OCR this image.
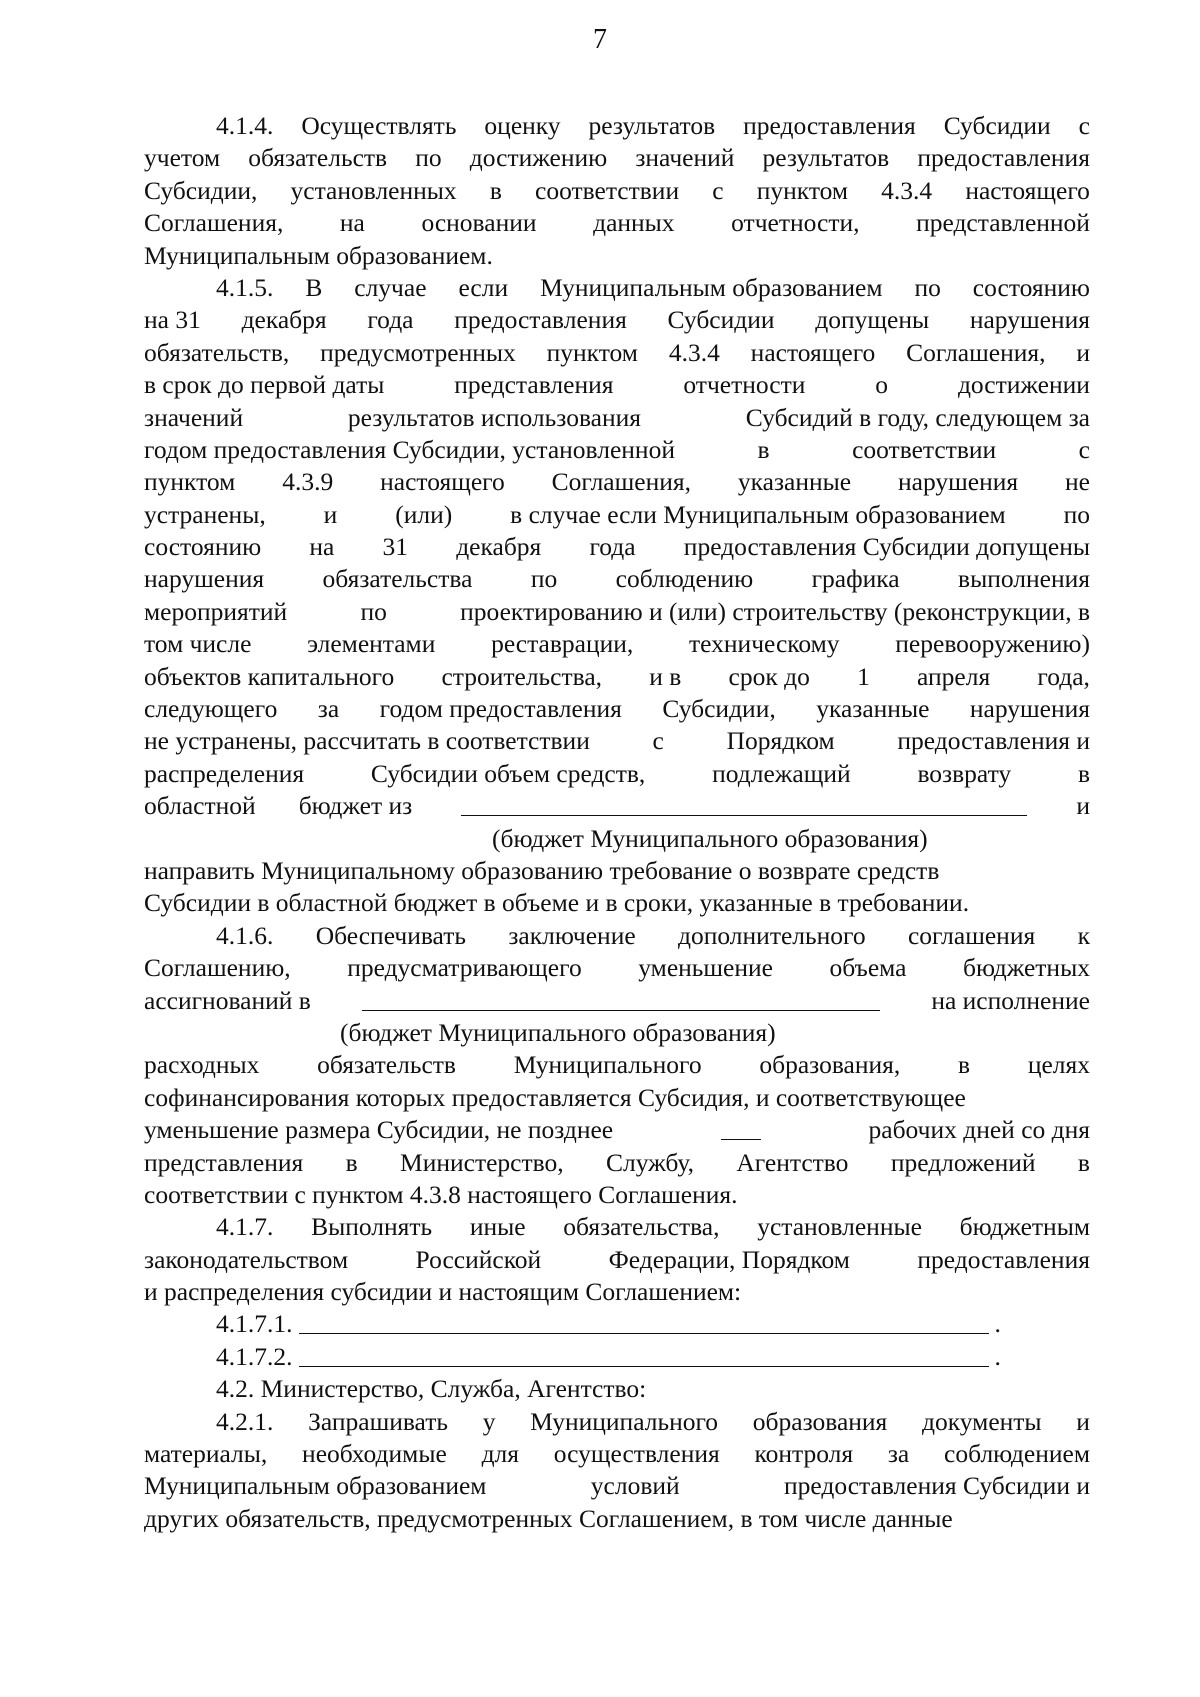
7
4.1.4. Осуществлять оценку результатов предоставления Субсидии с
учетом обязательств по достижению значений результатов предоставления
Субсидии, установленных в соответствии с пунктом 4.3.4 настоящего
Соглашения, на основании данных отчетности, представленной
Муниципальным образованием.
4.1.5. В случае если Муниципальным образованием по состоянию
на 31 декабря года предоставления Субсидии допущены нарушения
обязательств, предусмотренных пунктом 4.3.4 настоящего Соглашения, и
в срок до первой даты	представления	отчетности	о	достижении
значений	результатов использования	Субсидий в году, следующем за
годом предоставления Субсидии, установленной	в	соответствии	с
пунктом 4.3.9 настоящего Соглашения, указанные нарушения не
устранены, и (или) в случае если Муниципальным образованием по
состоянию на 31 декабря года предоставления Субсидии допущены
нарушения обязательства по соблюдению графика выполнения
мероприятий	по	проектированию и (или) строительству (реконструкции, в
том числе элементами реставрации, техническому перевооружению)
объектов капитального строительства, и в срок до 1 апреля года,
следующего за годом предоставления Субсидии, указанные нарушения
не устранены, рассчитать в соответствии с Порядком предоставления и
распределения	Субсидии объем средств,	подлежащий	возврату	в
областной бюджет из	и
(бюджет Муниципального образования)
направить Муниципальному образованию требование о возврате средств
Субсидии в областной бюджет в объеме и в сроки, указанные в требовании.
4.1.6. Обеспечивать заключение дополнительного соглашения к
Соглашению, предусматривающего уменьшение объема бюджетных
ассигнований в	на исполнение
(бюджет Муниципального образования)
расходных обязательств Муниципального образования, в целях
софинансирования которых предоставляется Субсидия, и соответствующее
уменьшение размера Субсидии, не позднее	рабочих дней со дня
представления в Министерство, Службу, Агентство предложений в
соответствии с пунктом 4.3.8 настоящего Соглашения.
4.1.7. Выполнять иные обязательства, установленные бюджетным
законодательством	Российской	Федерации, Порядком	предоставления
и распределения субсидии и настоящим Соглашением:
4.1.7.1.	.
4.1.7.2.	.
4.2. Министерство, Служба, Агентство:
4.2.1. Запрашивать у Муниципального образования документы и
материалы, необходимые для осуществления контроля за соблюдением
Муниципальным образованием	условий	предоставления Субсидии и
других обязательств, предусмотренных Соглашением, в том числе данные
